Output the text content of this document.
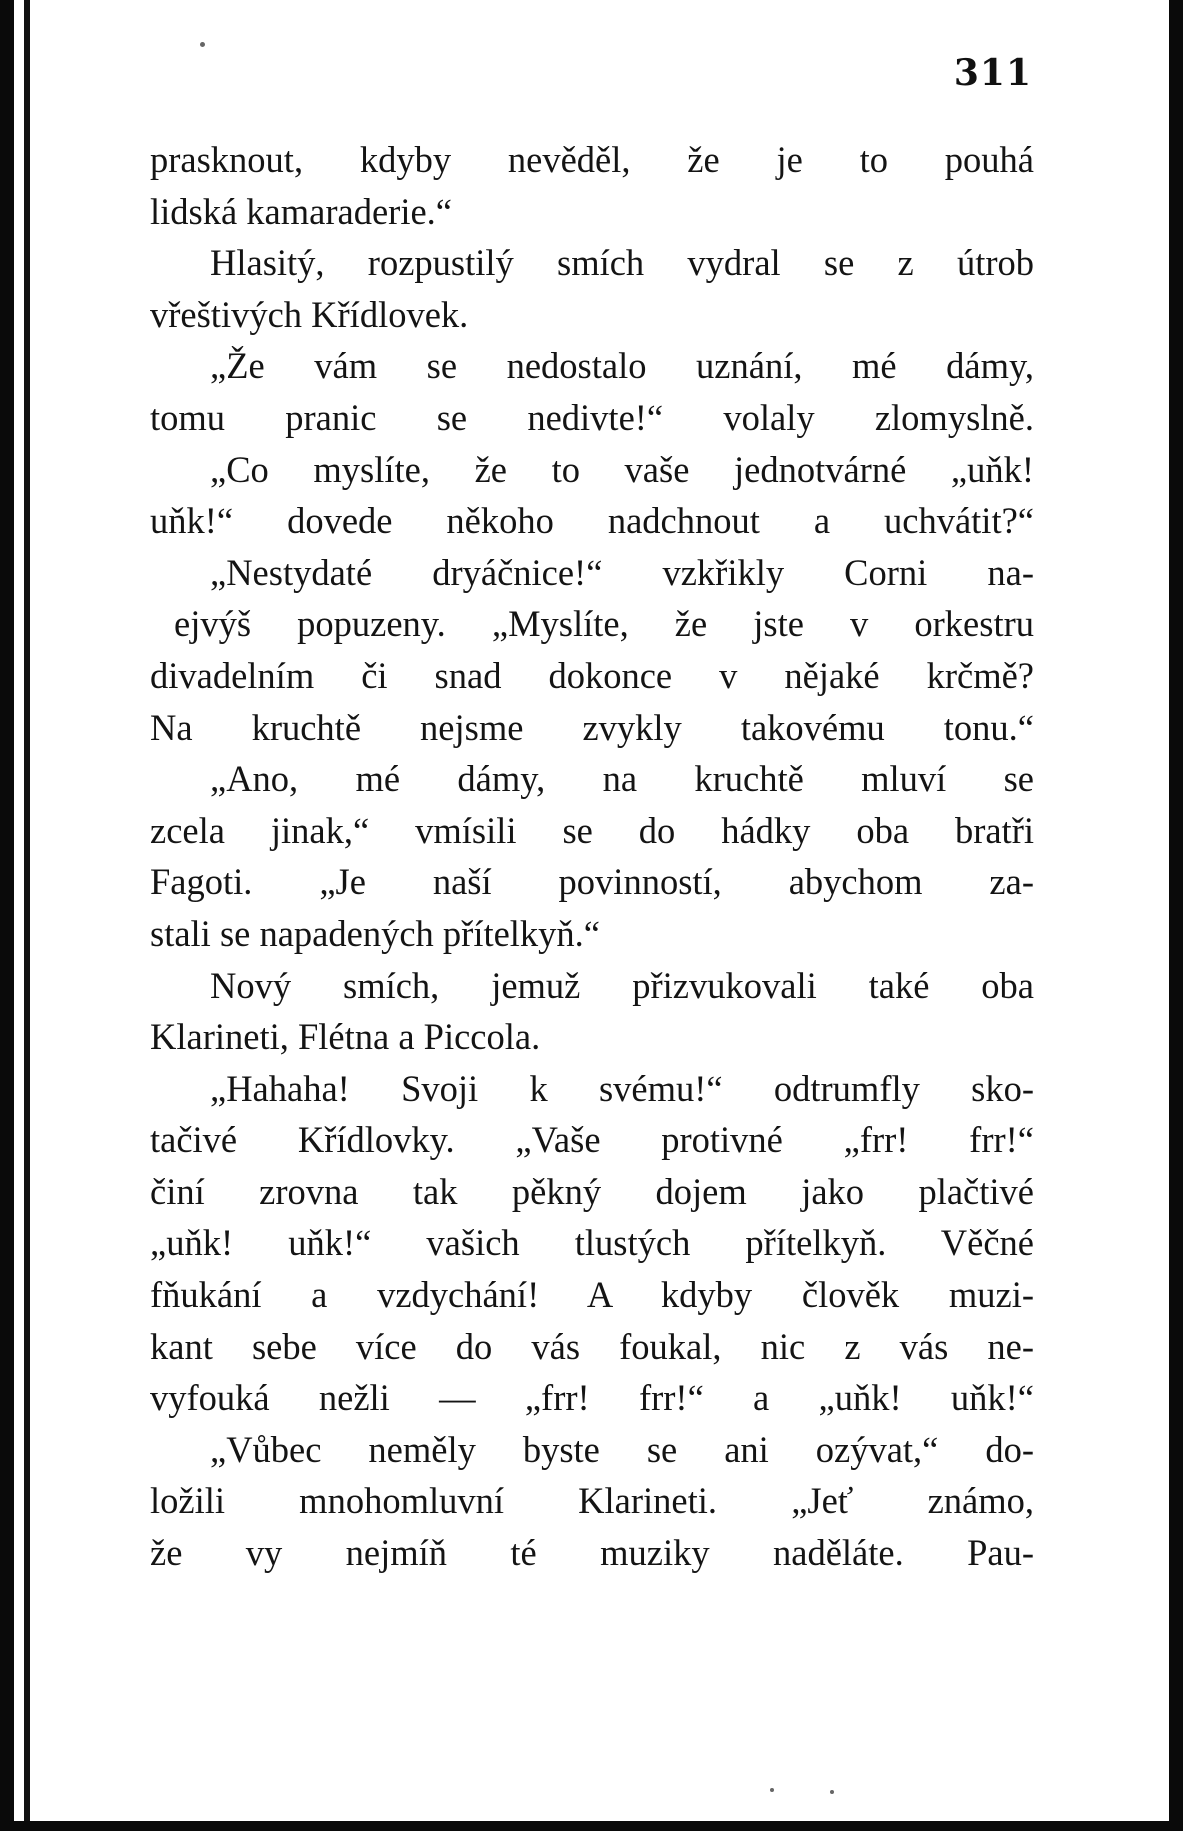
311
prasknout, kdyby nevěděl, že je to pouhá
lidská kamaraderie.“
Hlasitý, rozpustilý smích vydral se z útrob
vřeštivých Křídlovek.
„Že vám se nedostalo uznání, mé dámy,
tomu pranic se nedivte!“ volaly zlomyslně.
„Co myslíte, že to vaše jednotvárné „uňk!
uňk!“ dovede někoho nadchnout a uchvátit?“
„Nestydaté dryáčnice!“ vzkřikly Corni na-
ejvýš popuzeny. „Myslíte, že jste v orkestru
divadelním či snad dokonce v nějaké krčmě?
Na kruchtě nejsme zvykly takovému tonu.“
„Ano, mé dámy, na kruchtě mluví se
zcela jinak,“ vmísili se do hádky oba bratři
Fagoti. „Je naší povinností, abychom za-
stali se napadených přítelkyň.“
Nový smích, jemuž přizvukovali také oba
Klarineti, Flétna a Piccola.
„Hahaha! Svoji k svému!“ odtrumfly sko-
tačivé Křídlovky. „Vaše protivné „frr! frr!“
činí zrovna tak pěkný dojem jako plačtivé
„uňk! uňk!“ vašich tlustých přítelkyň. Věčné
fňukání a vzdychání! A kdyby člověk muzi-
kant sebe více do vás foukal, nic z vás ne-
vyfouká nežli — „frr! frr!“ a „uňk! uňk!“
„Vůbec neměly byste se ani ozývat,“ do-
ložili mnohomluvní Klarineti. „Jeť známo,
že vy nejmíň té muziky naděláte. Pau-
